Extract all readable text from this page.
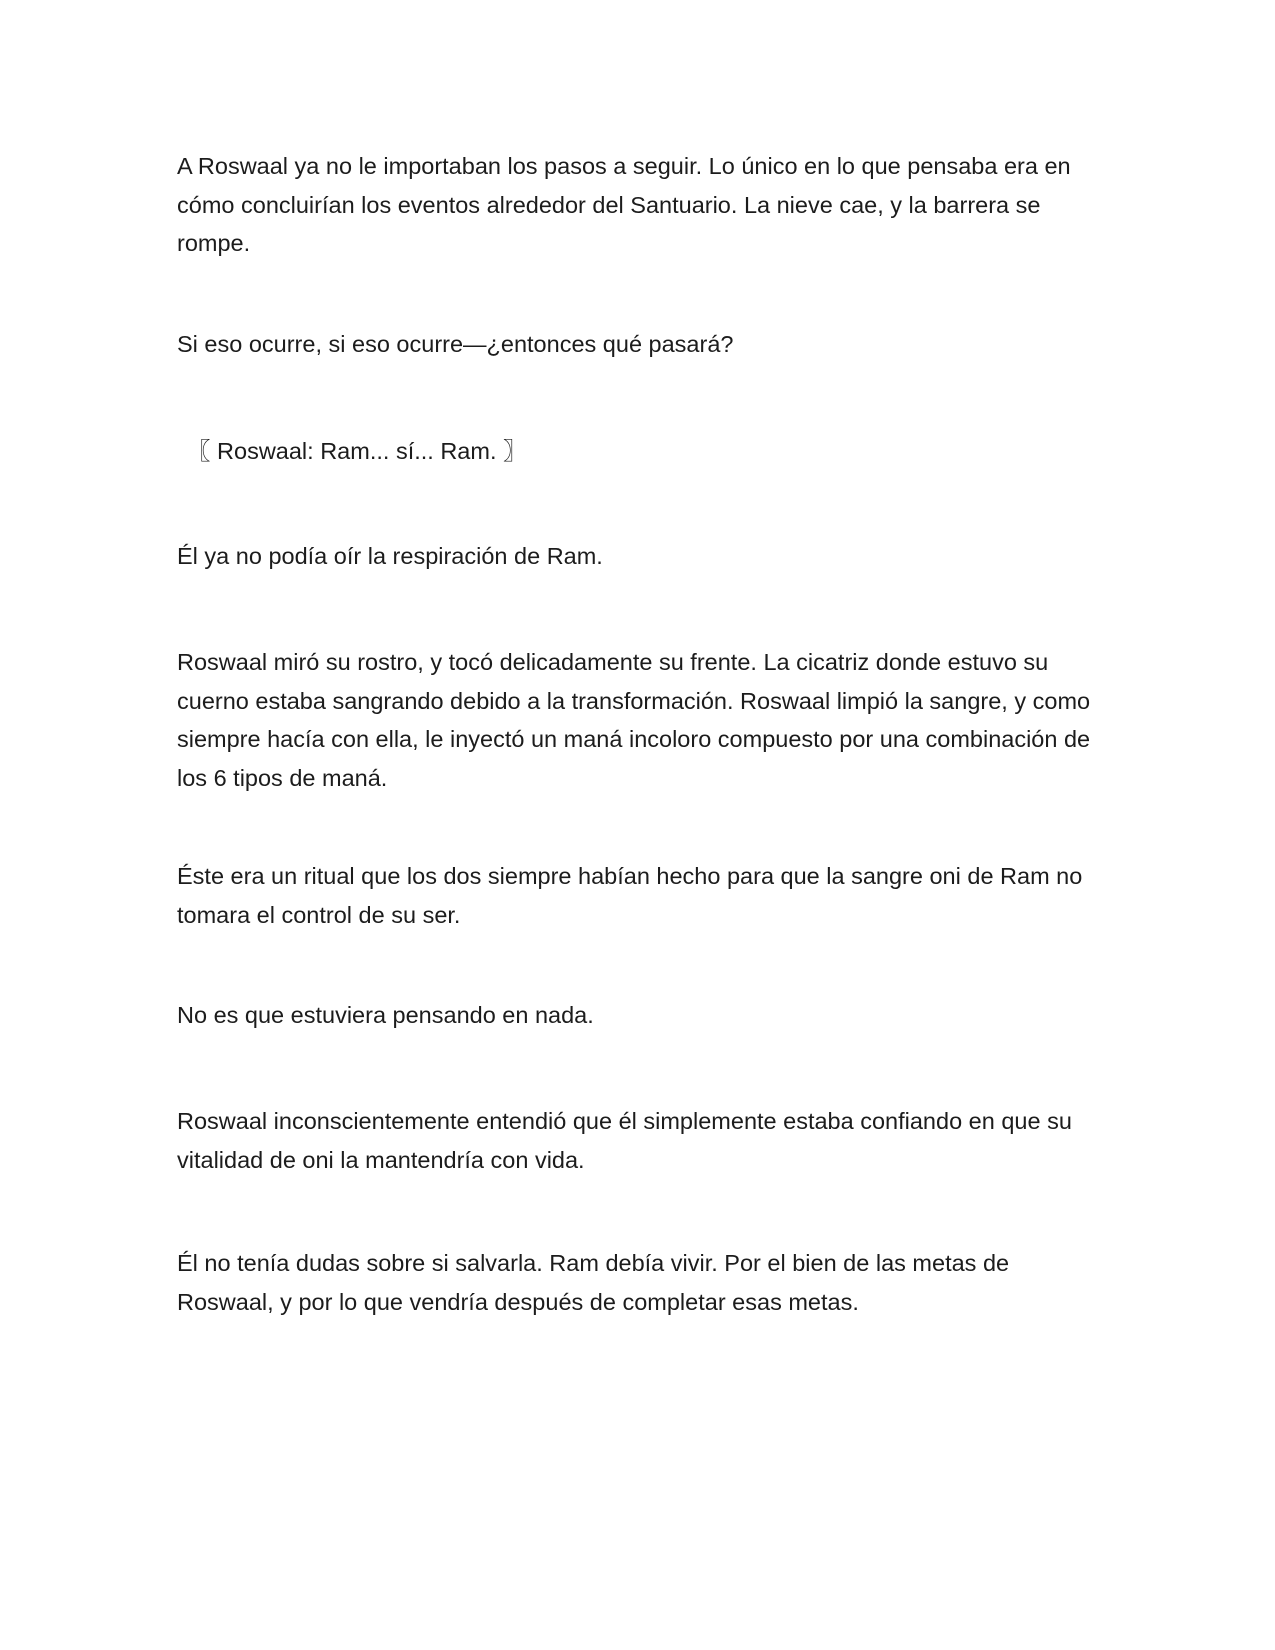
A Roswaal ya no le importaban los pasos a seguir. Lo único en lo que pensaba era en cómo concluirían los eventos alrededor del Santuario. La nieve cae, y la barrera se rompe.

Si eso ocurre, si eso ocurre—¿entonces qué pasará?

〖 Roswaal: Ram... sí... Ram. 〗

Él ya no podía oír la respiración de Ram.

Roswaal miró su rostro, y tocó delicadamente su frente. La cicatriz donde estuvo su cuerno estaba sangrando debido a la transformación. Roswaal limpió la sangre, y como siempre hacía con ella, le inyectó un maná incoloro compuesto por una combinación de los 6 tipos de maná.

Éste era un ritual que los dos siempre habían hecho para que la sangre oni de Ram no tomara el control de su ser.

No es que estuviera pensando en nada.

Roswaal inconscientemente entendió que él simplemente estaba confiando en que su vitalidad de oni la mantendría con vida.

Él no tenía dudas sobre si salvarla. Ram debía vivir. Por el bien de las metas de Roswaal, y por lo que vendría después de completar esas metas.
